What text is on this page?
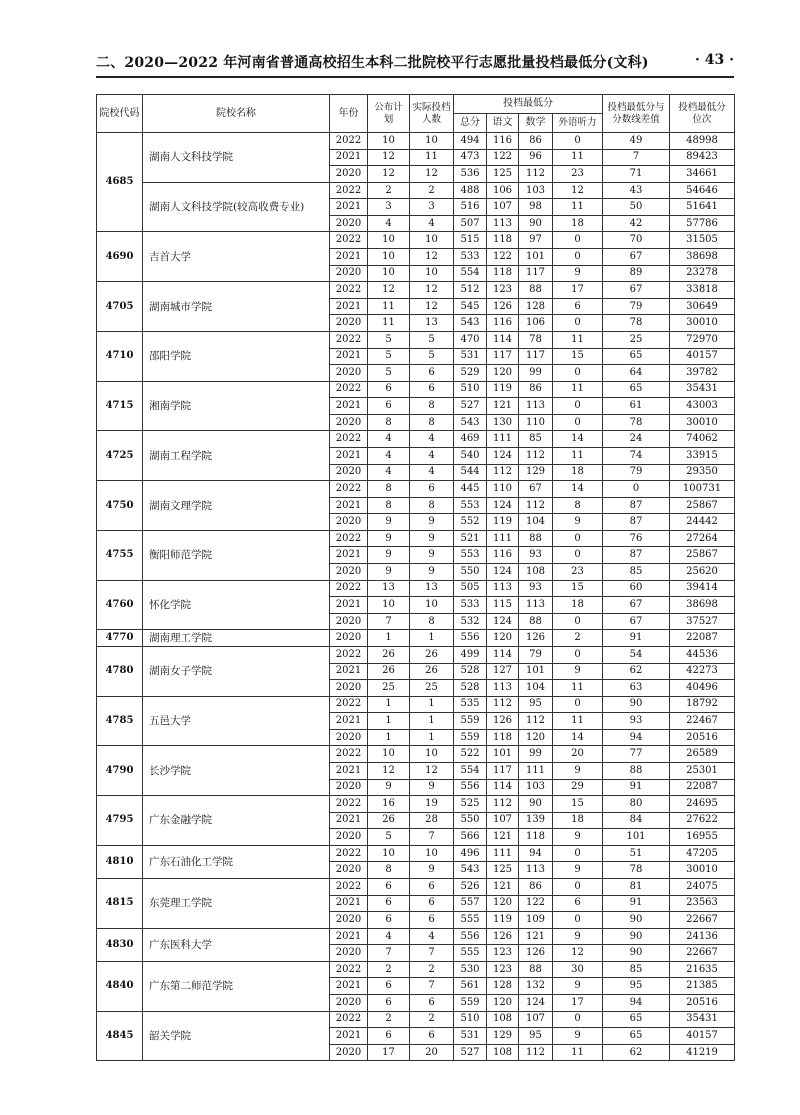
二、2020—2022 年河南省普通高校招生本科二批院校平行志愿批量投档最低分(文科)	· 43 ·
院校代码	院校名称	年份	公布计划	实际投档人数	投档最低分				投档最低分与分数线差值	投档最低分位次
					总分	语文	数学	外语听力		
4685	湖南人文科技学院	2022	10	10	494	116	86	0	49	48998
		2021	12	11	473	122	96	11	7	89423
		2020	12	12	536	125	112	23	71	34661
	湖南人文科技学院(较高收费专业)	2022	2	2	488	106	103	12	43	54646
		2021	3	3	516	107	98	11	50	51641
		2020	4	4	507	113	90	18	42	57786
4690	吉首大学	2022	10	10	515	118	97	0	70	31505
		2021	10	12	533	122	101	0	67	38698
		2020	10	10	554	118	117	9	89	23278
4705	湖南城市学院	2022	12	12	512	123	88	17	67	33818
		2021	11	12	545	126	128	6	79	30649
		2020	11	13	543	116	106	0	78	30010
4710	邵阳学院	2022	5	5	470	114	78	11	25	72970
		2021	5	5	531	117	117	15	65	40157
		2020	5	6	529	120	99	0	64	39782
4715	湘南学院	2022	6	6	510	119	86	11	65	35431
		2021	6	8	527	121	113	0	61	43003
		2020	8	8	543	130	110	0	78	30010
4725	湖南工程学院	2022	4	4	469	111	85	14	24	74062
		2021	4	4	540	124	112	11	74	33915
		2020	4	4	544	112	129	18	79	29350
4750	湖南文理学院	2022	8	6	445	110	67	14	0	100731
		2021	8	8	553	124	112	8	87	25867
		2020	9	9	552	119	104	9	87	24442
4755	衡阳师范学院	2022	9	9	521	111	88	0	76	27264
		2021	9	9	553	116	93	0	87	25867
		2020	9	9	550	124	108	23	85	25620
4760	怀化学院	2022	13	13	505	113	93	15	60	39414
		2021	10	10	533	115	113	18	67	38698
		2020	7	8	532	124	88	0	67	37527
4770	湖南理工学院	2020	1	1	556	120	126	2	91	22087
4780	湖南女子学院	2022	26	26	499	114	79	0	54	44536
		2021	26	26	528	127	101	9	62	42273
		2020	25	25	528	113	104	11	63	40496
4785	五邑大学	2022	1	1	535	112	95	0	90	18792
		2021	1	1	559	126	112	11	93	22467
		2020	1	1	559	118	120	14	94	20516
4790	长沙学院	2022	10	10	522	101	99	20	77	26589
		2021	12	12	554	117	111	9	88	25301
		2020	9	9	556	114	103	29	91	22087
4795	广东金融学院	2022	16	19	525	112	90	15	80	24695
		2021	26	28	550	107	139	18	84	27622
		2020	5	7	566	121	118	9	101	16955
4810	广东石油化工学院	2022	10	10	496	111	94	0	51	47205
		2020	8	9	543	125	113	9	78	30010
4815	东莞理工学院	2022	6	6	526	121	86	0	81	24075
		2021	6	6	557	120	122	6	91	23563
		2020	6	6	555	119	109	0	90	22667
4830	广东医科大学	2021	4	4	556	126	121	9	90	24136
		2020	7	7	555	123	126	12	90	22667
4840	广东第二师范学院	2022	2	2	530	123	88	30	85	21635
		2021	6	7	561	128	132	9	95	21385
		2020	6	6	559	120	124	17	94	20516
4845	韶关学院	2022	2	2	510	108	107	0	65	35431
		2021	6	6	531	129	95	9	65	40157
		2020	17	20	527	108	112	11	62	41219
